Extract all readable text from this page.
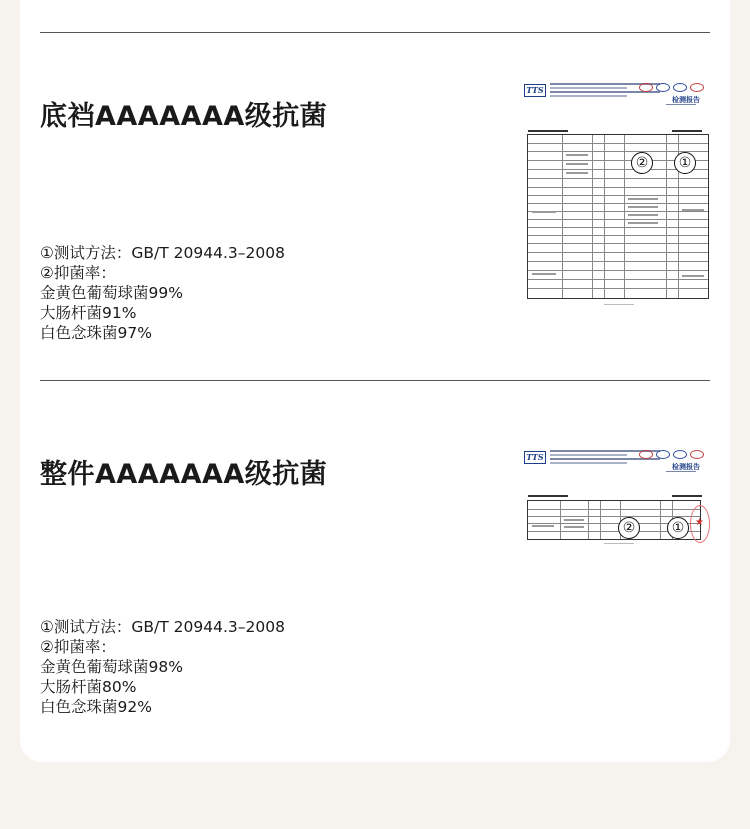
底裆AAAAAAA级抗菌
①测试方法：GB/T 20944.3–2008
②抑菌率：
金黄色葡萄球菌99%
大肠杆菌91%
白色念珠菌97%
TTS
检测报告
②	①
整件AAAAAAA级抗菌
①测试方法：GB/T 20944.3–2008
②抑菌率：
金黄色葡萄球菌98%
大肠杆菌80%
白色念珠菌92%
TTS
检测报告
②	①	★
